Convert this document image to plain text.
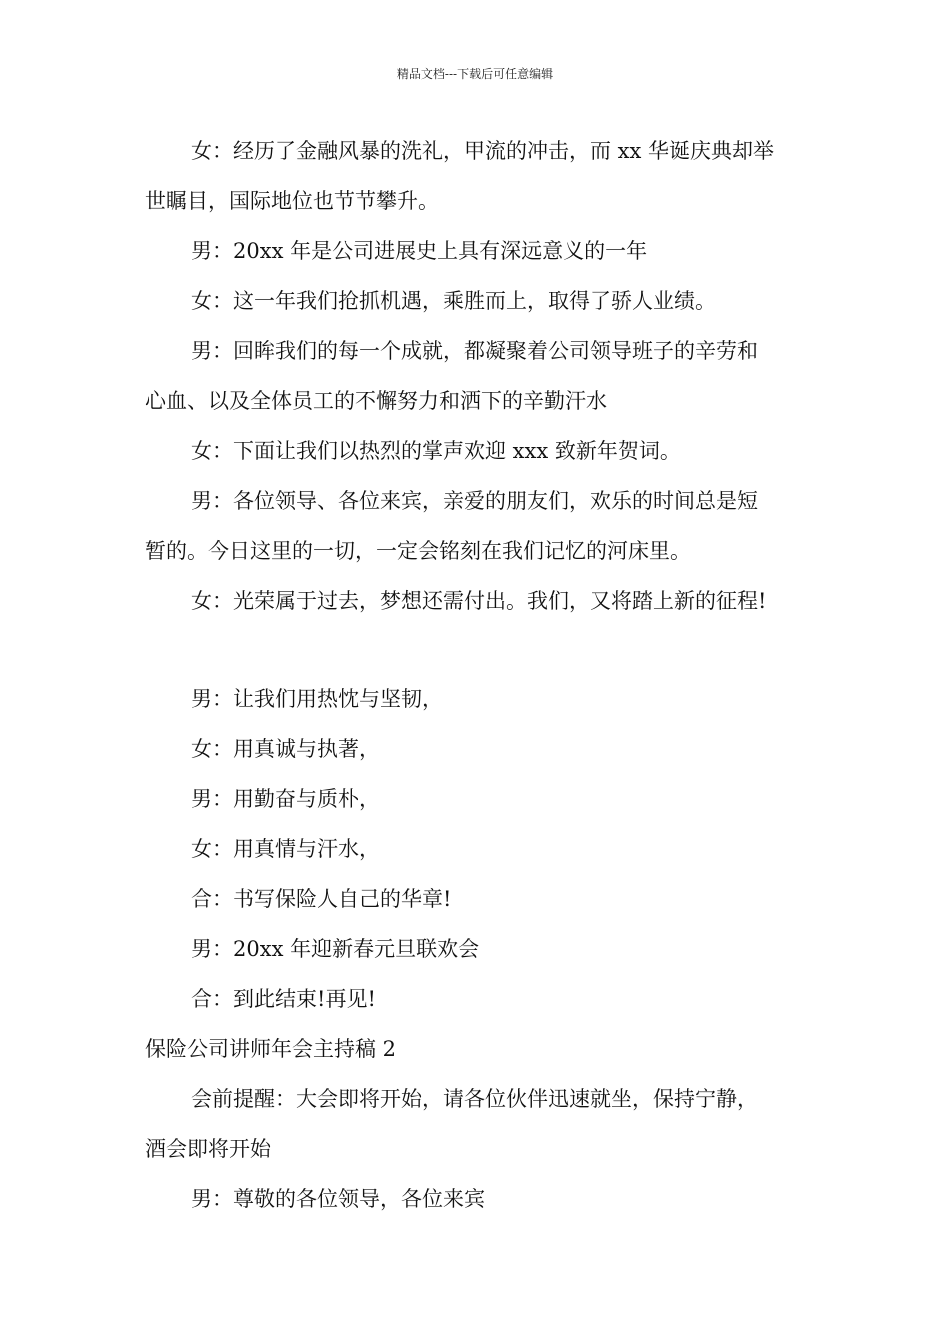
精品文档---下载后可任意编辑
女：经历了金融风暴的洗礼，甲流的冲击，而 xx 华诞庆典却举
世瞩目，国际地位也节节攀升。
男：20xx 年是公司进展史上具有深远意义的一年
女：这一年我们抢抓机遇，乘胜而上，取得了骄人业绩。
男：回眸我们的每一个成就，都凝聚着公司领导班子的辛劳和
心血、以及全体员工的不懈努力和洒下的辛勤汗水
女：下面让我们以热烈的掌声欢迎 xxx 致新年贺词。
男：各位领导、各位来宾，亲爱的朋友们，欢乐的时间总是短
暂的。今日这里的一切，一定会铭刻在我们记忆的河床里。
女：光荣属于过去，梦想还需付出。我们，又将踏上新的征程!
男：让我们用热忱与坚韧，
女：用真诚与执著，
男：用勤奋与质朴，
女：用真情与汗水，
合：书写保险人自己的华章!
男：20xx 年迎新春元旦联欢会
合：到此结束!再见!
保险公司讲师年会主持稿 2
会前提醒：大会即将开始，请各位伙伴迅速就坐，保持宁静，
酒会即将开始
男：尊敬的各位领导，各位来宾
